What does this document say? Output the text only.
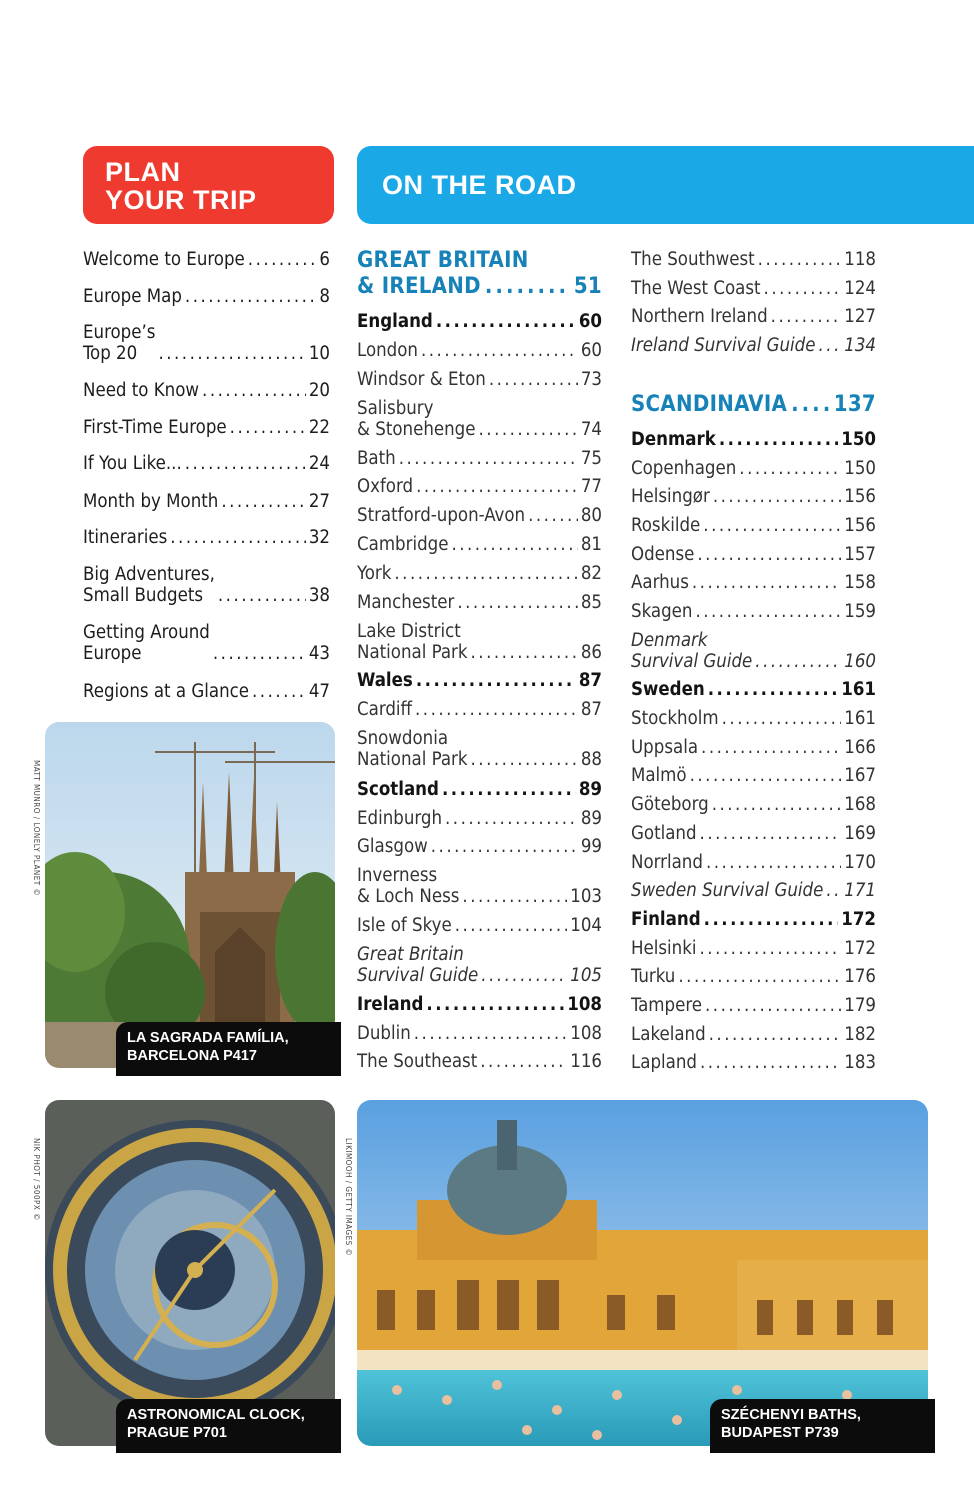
PLAN
YOUR TRIP	ON THE ROAD
Welcome to Europe .....	6
Europe Map .....	8
Europe’s
Top 20 .....	10
Need to Know .....	20
First-Time Europe .....	22
If You Like... .....	24
Month by Month .....	27
Itineraries .....	32
Big Adventures,
Small Budgets .....	38
Getting Around
Europe .....	43
Regions at a Glance .....	47
GREAT BRITAIN
& IRELAND .....	51
SCANDINAVIA ..... 137
England .....	60
London .....	60
Windsor & Eton .....	73
Salisbury
& Stonehenge .....	74
Bath .....	75
Oxford .....	77
Stratford-upon-Avon .....	80
Cambridge .....	81
York .....	82
Manchester .....	85
Lake District
National Park .....	86
Wales .....	87
Cardiff .....	87
Snowdonia
National Park .....	88
Scotland .....	89
Edinburgh .....	89
Glasgow .....	99
Inverness
& Loch Ness .....	103
Isle of Skye .....	104
Great Britain
Survival Guide .....	105
Ireland .....	108
Dublin .....	108
The Southeast .....	116
The Southwest .....	118
The West Coast .....	124
Northern Ireland .....	127
Ireland Survival Guide ..... 134
Denmark .....	150
Copenhagen .....	150
Helsingør .....	156
Roskilde .....	156
Odense .....	157
Aarhus .....	158
Skagen .....	159
Denmark
Survival Guide .....	160
Sweden .....	161
Stockholm .....	161
Uppsala .....	166
Malmö .....	167
Göteborg .....	168
Gotland .....	169
Norrland .....	170
Sweden Survival Guide ..... 171
Finland .....	172
Helsinki .....	172
Turku .....	176
Tampere .....	179
Lakeland .....	182
Lapland .....	183
LA SAGRADA FAMÍLIA,
BARCELONA P417
MATT MUNRO / LONELY PLANET ©
ASTRONOMICAL CLOCK,
PRAGUE P701
NIK PHOT / 500PX ©
SZÉCHENYI BATHS,
BUDAPEST P739
LIKIMOOH / GETTY IMAGES ©
